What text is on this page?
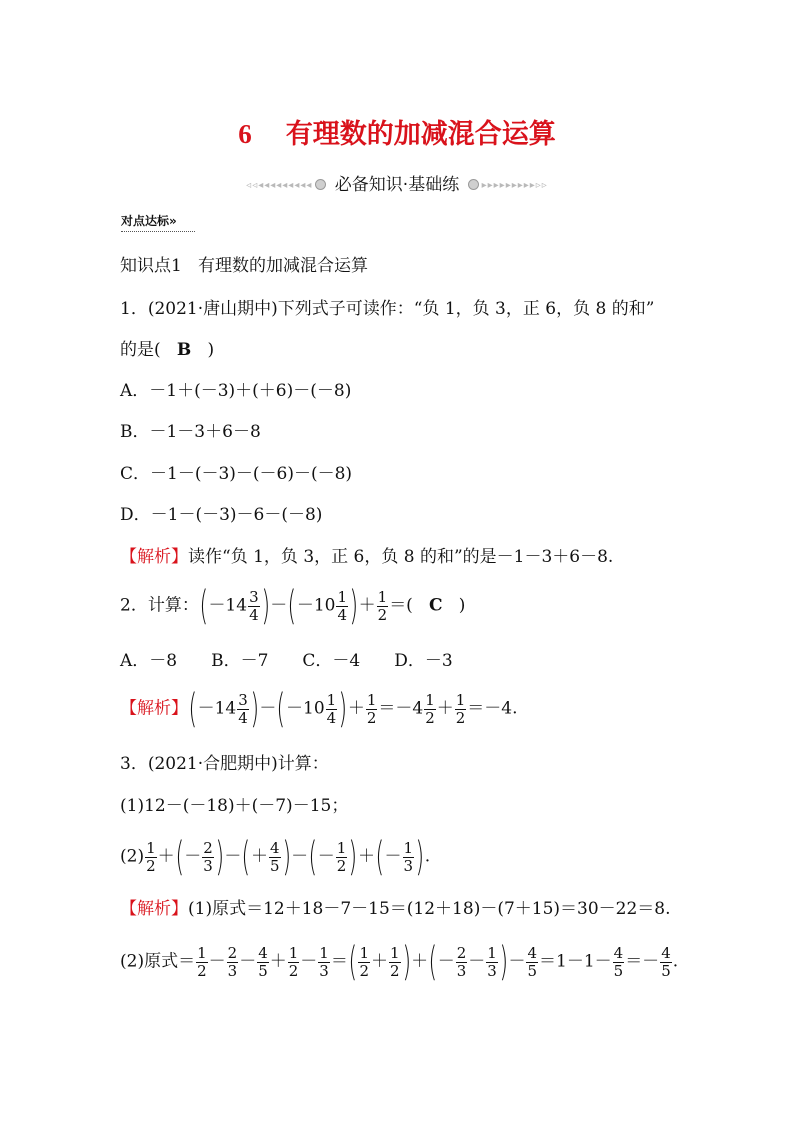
6 有理数的加减混合运算
◃◃◂◂◂◂◂◂◂◂◂ 必备知识·基础练 ▸▸▸▸▸▸▸▸▸▹▹
对点达标»
知识点1 有理数的加减混合运算
1．(2021·唐山期中)下列式子可读作：“负 1，负 3，正 6，负 8 的和”
的是( B )
A．－1＋(－3)＋(＋6)－(－8)
B．－1－3＋6－8
C．－1－(－3)－(－6)－(－8)
D．－1－(－3)－6－(－8)
【解析】读作“负 1，负 3，正 6，负 8 的和”的是－1－3＋6－8.
2．计算：$(-14 \frac{3}{4} )-(-10 \frac{1}{4}$ )＋ $\frac{1}{2}$ ＝( C )
A．－8 B．－7 C．－4 D．－3
【解析】$(-14 \frac{3}{4} )-(-10 \frac{1}{4}$ )＋ $\frac{1}{2} =-4 \frac{1}{2} + \frac{1}{2} =-4$.
3．(2021·合肥期中)计算：
(1)12－(－18)＋(－7)－15；
$(2) \frac{1}{2}$ ＋(－ $\frac{2}{3}$ )－(＋ $\frac{4}{5}$ )－(－ $\frac{1}{2}$ )＋(－ $\frac{1}{3}$ ).
【解析】(1)原式＝12＋18－7－15＝(12＋18)－(7＋15)＝30－22＝8.
(2)原式＝ $\frac{1}{2} - \frac{2}{3} - \frac{4}{5} + \frac{1}{2} - \frac{1}{3}$ ＝( $\frac{1}{2} + \frac{1}{2}$ )＋(－ $\frac{2}{3} - \frac{1}{3}$ )－ $\frac{4}{5} =1-1- \frac{4}{5} =- \frac{4}{5}$ .
